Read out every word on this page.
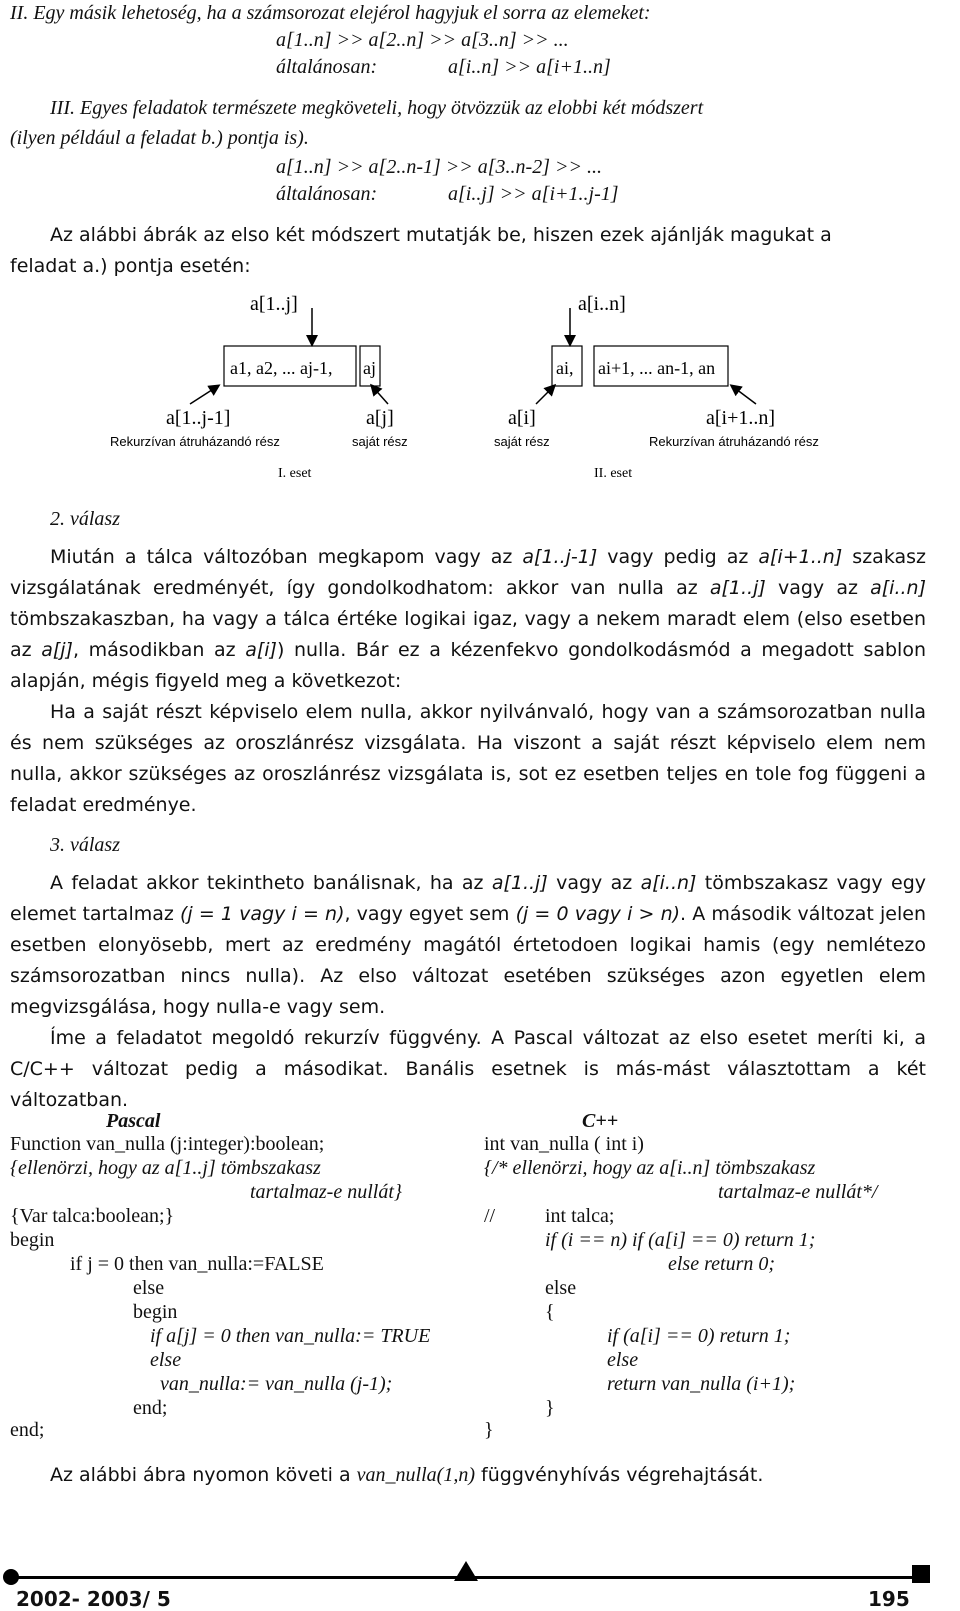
II. Egy másik lehetoség, ha a számsorozat elejérol hagyjuk el sorra az elemeket:
a[1..n] >> a[2..n] >> a[3..n] >> ...
általánosan:	a[i..n] >> a[i+1..n]
III. Egyes feladatok természete megköveteli, hogy ötvözzük az elobbi két módszert
(ilyen például a feladat b.) pontja is).
a[1..n] >> a[2..n-1] >> a[3..n-2] >> ...
általánosan:	a[i..j] >> a[i+1..j-1]
Az alábbi ábrák az elso két módszert mutatják be, hiszen ezek ajánlják magukat a
feladat a.) pontja esetén:
a[1..j]
a1, a2, ... aj-1, aj
a[1..j-1]
Rekurzívan átruházandó rész
a[j]
saját rész
I. eset
a[i..n]
ai, ai+1, ... an-1, an
a[i]
saját rész
a[i+1..n]
Rekurzívan átruházandó rész
II. eset
2. válasz
Miután a tálca változóban megkapom vagy az a[1..j-1] vagy pedig az a[i+1..n] szakasz vizsgálatának eredményét, így gondolkodhatom: akkor van nulla az a[1..j] vagy az a[i..n] tömbszakaszban, ha vagy a tálca értéke logikai igaz, vagy a nekem maradt elem (elso esetben az a[j], másodikban az a[i]) nulla. Bár ez a kézenfekvo gondolkodásmód a megadott sablon alapján, mégis figyeld meg a következot:
Ha a saját részt képviselo elem nulla, akkor nyilvánvaló, hogy van a számsorozatban nulla és nem szükséges az oroszlánrész vizsgálata. Ha viszont a saját részt képviselo elem nem nulla, akkor szükséges az oroszlánrész vizsgálata is, sot ez esetben teljes en tole fog függeni a feladat eredménye.
3. válasz
A feladat akkor tekintheto banálisnak, ha az a[1..j] vagy az a[i..n] tömbszakasz vagy egy elemet tartalmaz (j = 1 vagy i = n), vagy egyet sem (j = 0 vagy i > n). A második változat jelen esetben elonyösebb, mert az eredmény magától értetodoen logikai hamis (egy nemlétezo számsorozatban nincs nulla). Az elso változat esetében szükséges azon egyetlen elem megvizsgálása, hogy nulla-e vagy sem.
Íme a feladatot megoldó rekurzív függvény. A Pascal változat az elso esetet meríti ki, a C/C++ változat pedig a másodikat. Banális esetnek is más-mást választottam a két változatban.
Pascal	C++
Function van_nulla (j:integer):boolean;
{ellenörzi, hogy az a[1..j] tömbszakasz
tartalmaz-e nullát}
{Var talca:boolean;}
begin
if j = 0 then van_nulla:=FALSE
else
begin
if a[j] = 0 then van_nulla:= TRUE
else
van_nulla:= van_nulla (j-1);
end;
end;
int van_nulla ( int i)
{/* ellenörzi, hogy az a[i..n] tömbszakasz
tartalmaz-e nullát*/
// int talca;
if (i == n) if (a[i] == 0) return 1;
else return 0;
else
{
if (a[i] == 0) return 1;
else
return van_nulla (i+1);
}
}
Az alábbi ábra nyomon követi a van_nulla(1,n) függvényhívás végrehajtását.
2002- 2003/ 5	195
